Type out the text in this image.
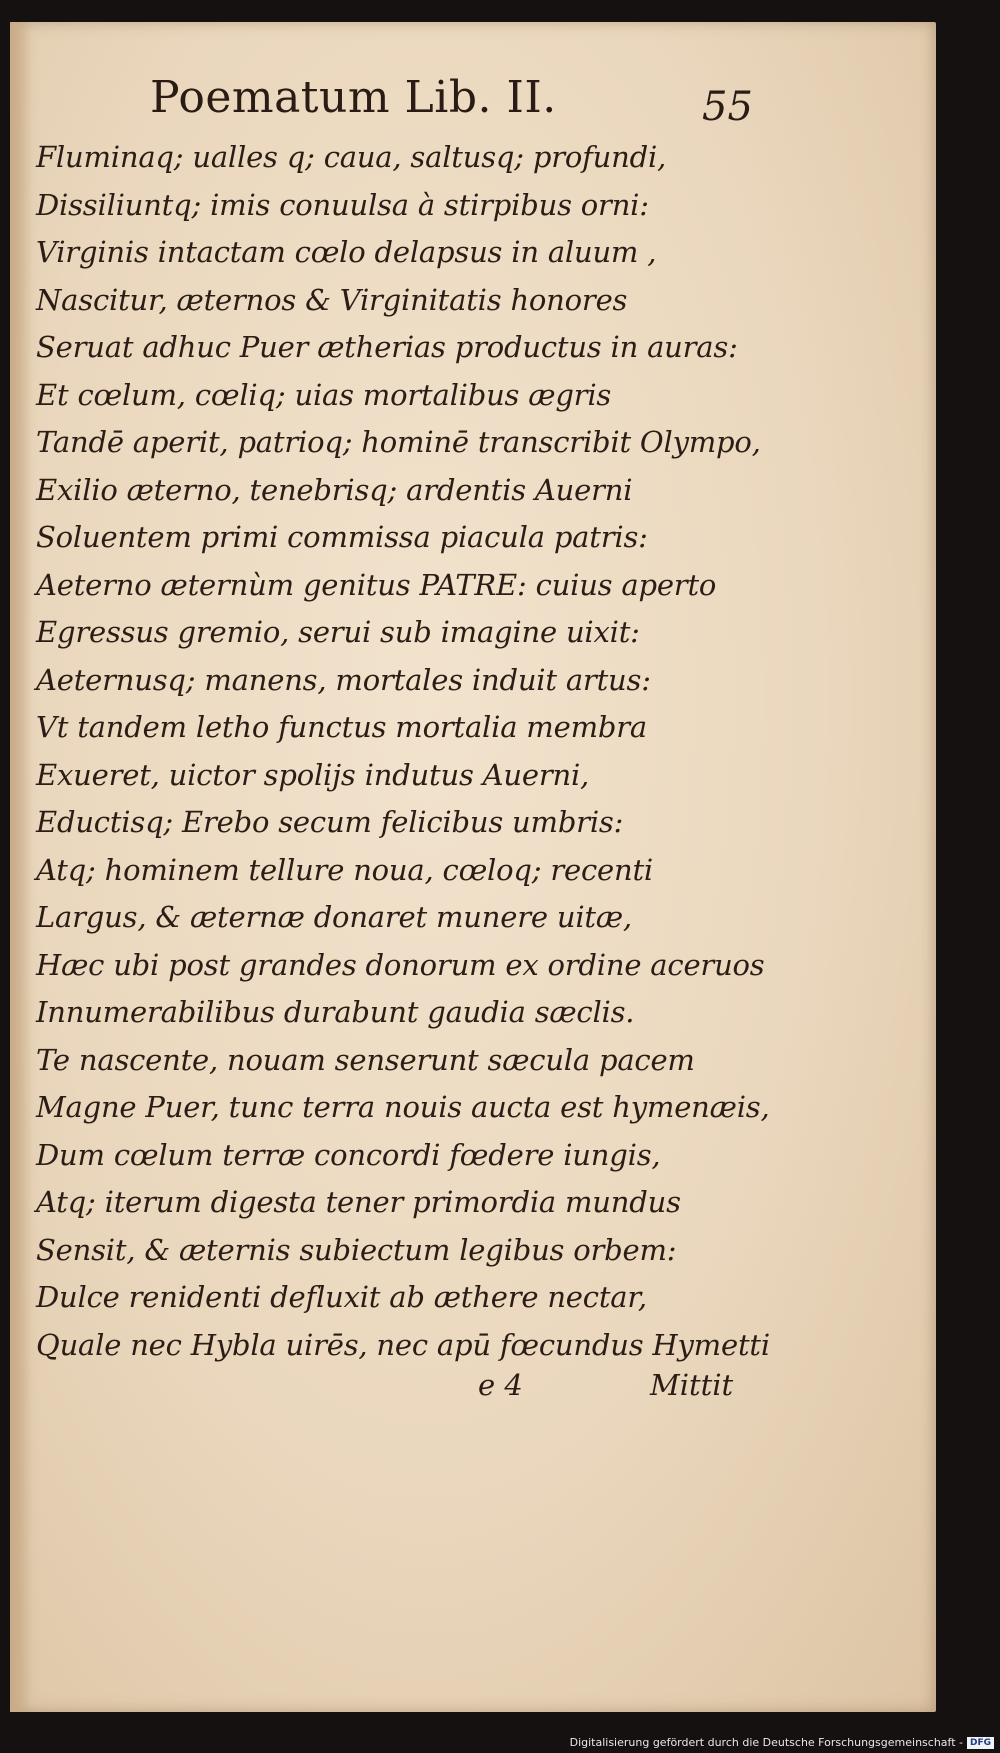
Poematum Lib. II.	55
Fluminaq; ualles q; caua, saltusq; profundi,
Dissiliuntq; imis conuulsa à stirpibus orni:
Virginis intactam cœlo delapsus in aluum ,
Nascitur, æternos & Virginitatis honores
Seruat adhuc Puer ætherias productus in auras:
Et cœlum, cœliq; uias mortalibus ægris
Tandē aperit, patrioq; hominē transcribit Olympo,
Exilio æterno, tenebrisq; ardentis Auerni
Soluentem primi commissa piacula patris:
Aeterno æternùm genitus PATRE: cuius aperto
Egressus gremio, serui sub imagine uixit:
Aeternusq; manens, mortales induit artus:
Vt tandem letho functus mortalia membra
Exueret, uictor spolijs indutus Auerni,
Eductisq; Erebo secum felicibus umbris:
Atq; hominem tellure noua, cœloq; recenti
Largus, & æternæ donaret munere uitæ,
Hæc ubi post grandes donorum ex ordine aceruos
Innumerabilibus durabunt gaudia sæclis.
Te nascente, nouam senserunt sæcula pacem
Magne Puer, tunc terra nouis aucta est hymenæis,
Dum cœlum terræ concordi fœdere iungis,
Atq; iterum digesta tener primordia mundus
Sensit, & æternis subiectum legibus orbem:
Dulce renidenti defluxit ab æthere nectar,
Quale nec Hybla uirēs, nec apū fœcundus Hymetti
e 4	Mittit
Digitalisierung gefördert durch die Deutsche Forschungsgemeinschaft - DFG
